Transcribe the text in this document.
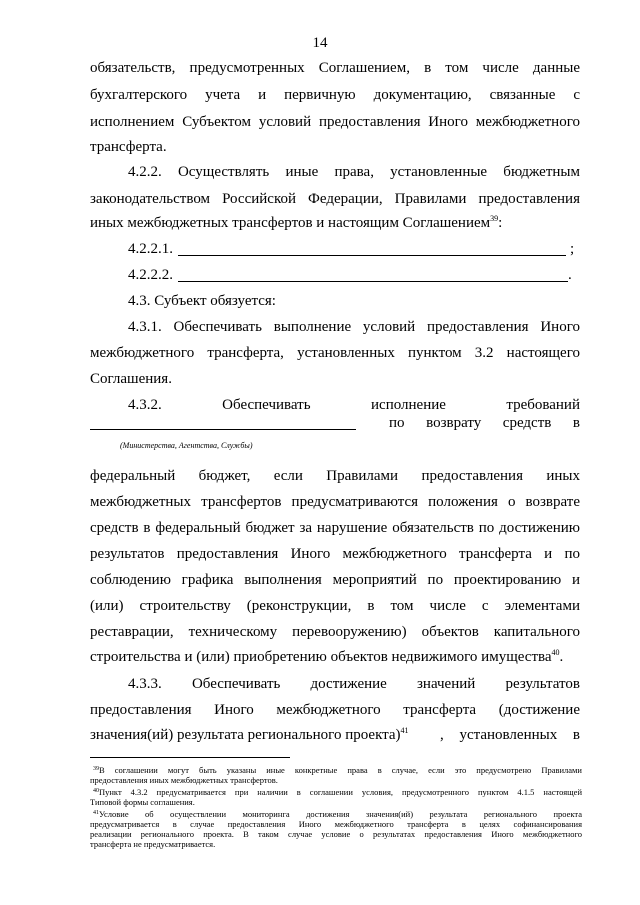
14
обязательств, предусмотренных Соглашением, в том числе данные
бухгалтерского учета и первичную документацию, связанные с
исполнением Субъектом условий предоставления Иного межбюджетного
трансферта.
4.2.2. Осуществлять иные права, установленные бюджетным
законодательством Российской Федерации, Правилами предоставления
иных межбюджетных трансфертов и настоящим Соглашением$^{39}$:
4.2.2.1.	;
4.2.2.2.	.
4.3. Субъект обязуется:
4.3.1. Обеспечивать выполнение условий предоставления Иного
межбюджетного трансферта, установленных пунктом 3.2 настоящего
Соглашения.
4.3.2. Обеспечивать исполнение требований
по возврату средств в
(Министерства, Агентства, Службы)
федеральный бюджет, если Правилами предоставления иных
межбюджетных трансфертов предусматриваются положения о возврате
средств в федеральный бюджет за нарушение обязательств по достижению
результатов предоставления Иного межбюджетного трансферта и по
соблюдению графика выполнения мероприятий по проектированию и
(или) строительству (реконструкции, в том числе с элементами
реставрации, техническому перевооружению) объектов капитального
строительства и (или) приобретению объектов недвижимого имущества$^{40}$.
4.3.3. Обеспечивать достижение значений результатов
предоставления Иного межбюджетного трансферта (достижение
значения(ий) результата регионального проекта)$^{41}$ , установленных в
$^{39}$В соглашении могут быть указаны иные конкретные права в случае, если это предусмотрено Правилами
предоставления иных межбюджетных трансфертов.
$^{40}$Пункт 4.3.2 предусматривается при наличии в соглашении условия, предусмотренного пунктом 4.1.5 настоящей
Типовой формы соглашения.
$^{41}$Условие об осуществлении мониторинга достижения значения(ий) результата регионального проекта
предусматривается в случае предоставления Иного межбюджетного трансферта в целях софинансирования
реализации регионального проекта. В таком случае условие о результатах предоставления Иного межбюджетного
трансферта не предусматривается.
